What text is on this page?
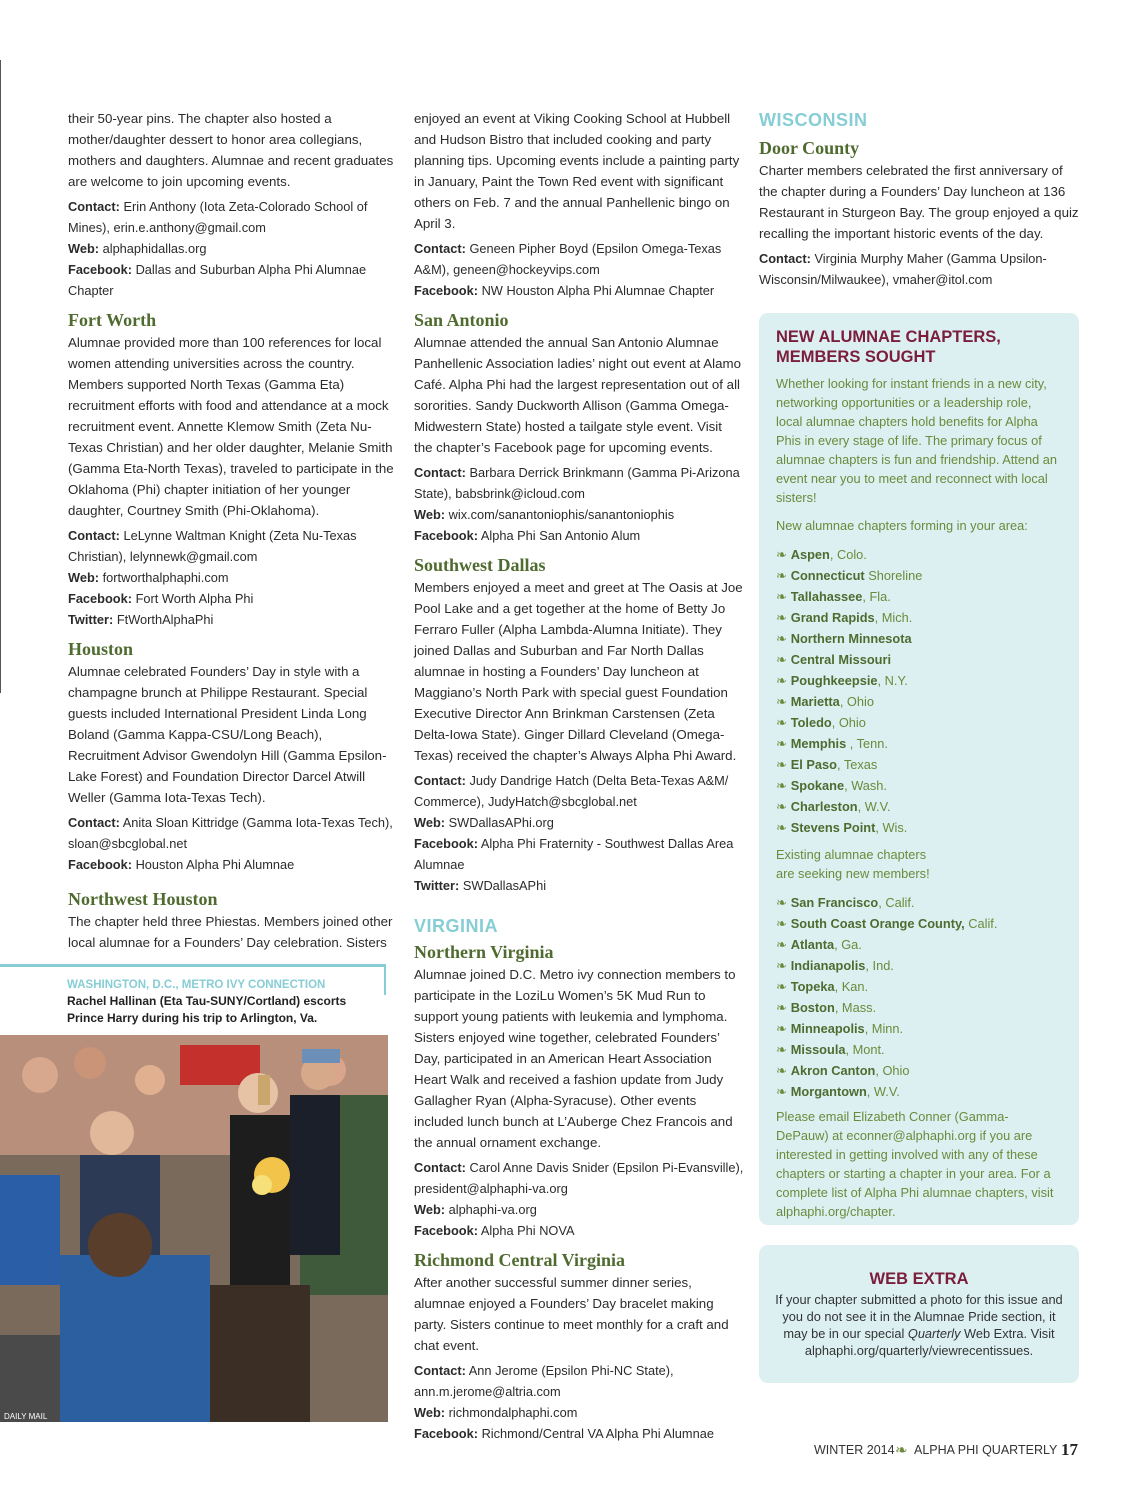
their 50-year pins. The chapter also hosted a mother/daughter dessert to honor area collegians, mothers and daughters. Alumnae and recent graduates are welcome to join upcoming events.

Contact: Erin Anthony (Iota Zeta-Colorado School of Mines), erin.e.anthony@gmail.com
Web: alphaphidallas.org
Facebook: Dallas and Suburban Alpha Phi Alumnae Chapter

Fort Worth

Alumnae provided more than 100 references for local women attending universities across the country. Members supported North Texas (Gamma Eta) recruitment efforts with food and attendance at a mock recruitment event. Annette Klemow Smith (Zeta Nu-Texas Christian) and her older daughter, Melanie Smith (Gamma Eta-North Texas), traveled to participate in the Oklahoma (Phi) chapter initiation of her younger daughter, Courtney Smith (Phi-Oklahoma).

Contact: LeLynne Waltman Knight (Zeta Nu-Texas Christian), lelynnewk@gmail.com
Web: fortworthalphaphi.com
Facebook: Fort Worth Alpha Phi
Twitter: FtWorthAlphaPhi

Houston

Alumnae celebrated Founders’ Day in style with a champagne brunch at Philippe Restaurant. Special guests included International President Linda Long Boland (Gamma Kappa-CSU/Long Beach), Recruitment Advisor Gwendolyn Hill (Gamma Epsilon-Lake Forest) and Foundation Director Darcel Atwill Weller (Gamma Iota-Texas Tech).

Contact: Anita Sloan Kittridge (Gamma Iota-Texas Tech), sloan@sbcglobal.net
Facebook: Houston Alpha Phi Alumnae

Northwest Houston

The chapter held three Phiestas. Members joined other local alumnae for a Founders’ Day celebration. Sisters

WASHINGTON, D.C., METRO IVY CONNECTION
Rachel Hallinan (Eta Tau-SUNY/Cortland) escorts Prince Harry during his trip to Arlington, Va.
DAILY MAIL

enjoyed an event at Viking Cooking School at Hubbell and Hudson Bistro that included cooking and party planning tips. Upcoming events include a painting party in January, Paint the Town Red event with significant others on Feb. 7 and the annual Panhellenic bingo on April 3.

Contact: Geneen Pipher Boyd (Epsilon Omega-Texas A&M), geneen@hockeyvips.com
Facebook: NW Houston Alpha Phi Alumnae Chapter

San Antonio

Alumnae attended the annual San Antonio Alumnae Panhellenic Association ladies’ night out event at Alamo Café. Alpha Phi had the largest representation out of all sororities. Sandy Duckworth Allison (Gamma Omega-Midwestern State) hosted a tailgate style event. Visit the chapter’s Facebook page for upcoming events.

Contact: Barbara Derrick Brinkmann (Gamma Pi-Arizona State), babsbrink@icloud.com
Web: wix.com/sanantoniophis/sanantoniophis
Facebook: Alpha Phi San Antonio Alum

Southwest Dallas

Members enjoyed a meet and greet at The Oasis at Joe Pool Lake and a get together at the home of Betty Jo Ferraro Fuller (Alpha Lambda-Alumna Initiate). They joined Dallas and Suburban and Far North Dallas alumnae in hosting a Founders’ Day luncheon at Maggiano’s North Park with special guest Foundation Executive Director Ann Brinkman Carstensen (Zeta Delta-Iowa State). Ginger Dillard Cleveland (Omega-Texas) received the chapter’s Always Alpha Phi Award.

Contact: Judy Dandrige Hatch (Delta Beta-Texas A&M/ Commerce), JudyHatch@sbcglobal.net
Web: SWDallasAPhi.org
Facebook: Alpha Phi Fraternity - Southwest Dallas Area Alumnae
Twitter: SWDallasAPhi

VIRGINIA
Northern Virginia

Alumnae joined D.C. Metro ivy connection members to participate in the LoziLu Women’s 5K Mud Run to support young patients with leukemia and lymphoma. Sisters enjoyed wine together, celebrated Founders’ Day, participated in an American Heart Association Heart Walk and received a fashion update from Judy Gallagher Ryan (Alpha-Syracuse). Other events included lunch bunch at L’Auberge Chez Francois and the annual ornament exchange.

Contact: Carol Anne Davis Snider (Epsilon Pi-Evansville), president@alphaphi-va.org
Web: alphaphi-va.org
Facebook: Alpha Phi NOVA

Richmond Central Virginia

After another successful summer dinner series, alumnae enjoyed a Founders’ Day bracelet making party. Sisters continue to meet monthly for a craft and chat event.

Contact: Ann Jerome (Epsilon Phi-NC State), ann.m.jerome@altria.com
Web: richmondalphaphi.com
Facebook: Richmond/Central VA Alpha Phi Alumnae

WISCONSIN
Door County

Charter members celebrated the first anniversary of the chapter during a Founders’ Day luncheon at 136 Restaurant in Sturgeon Bay. The group enjoyed a quiz recalling the important historic events of the day.

Contact: Virginia Murphy Maher (Gamma Upsilon-Wisconsin/Milwaukee), vmaher@itol.com

NEW ALUMNAE CHAPTERS, MEMBERS SOUGHT

Whether looking for instant friends in a new city, networking opportunities or a leadership role, local alumnae chapters hold benefits for Alpha Phis in every stage of life. The primary focus of alumnae chapters is fun and friendship. Attend an event near you to meet and reconnect with local sisters!

New alumnae chapters forming in your area:

❧ Aspen, Colo.
❧ Connecticut Shoreline
❧ Tallahassee, Fla.
❧ Grand Rapids, Mich.
❧ Northern Minnesota
❧ Central Missouri
❧ Poughkeepsie, N.Y.
❧ Marietta, Ohio
❧ Toledo, Ohio
❧ Memphis , Tenn.
❧ El Paso, Texas
❧ Spokane, Wash.
❧ Charleston, W.V.
❧ Stevens Point, Wis.

Existing alumnae chapters are seeking new members!

❧ San Francisco, Calif.
❧ South Coast Orange County, Calif.
❧ Atlanta, Ga.
❧ Indianapolis, Ind.
❧ Topeka, Kan.
❧ Boston, Mass.
❧ Minneapolis, Minn.
❧ Missoula, Mont.
❧ Akron Canton, Ohio
❧ Morgantown, W.V.

Please email Elizabeth Conner (Gamma-DePauw) at econner@alphaphi.org if you are interested in getting involved with any of these chapters or starting a chapter in your area. For a complete list of Alpha Phi alumnae chapters, visit alphaphi.org/chapter.

WEB EXTRA

If your chapter submitted a photo for this issue and you do not see it in the Alumnae Pride section, it may be in our special Quarterly Web Extra. Visit alphaphi.org/quarterly/viewrecentissues.

WINTER 2014 ❧ ALPHA PHI QUARTERLY 17
